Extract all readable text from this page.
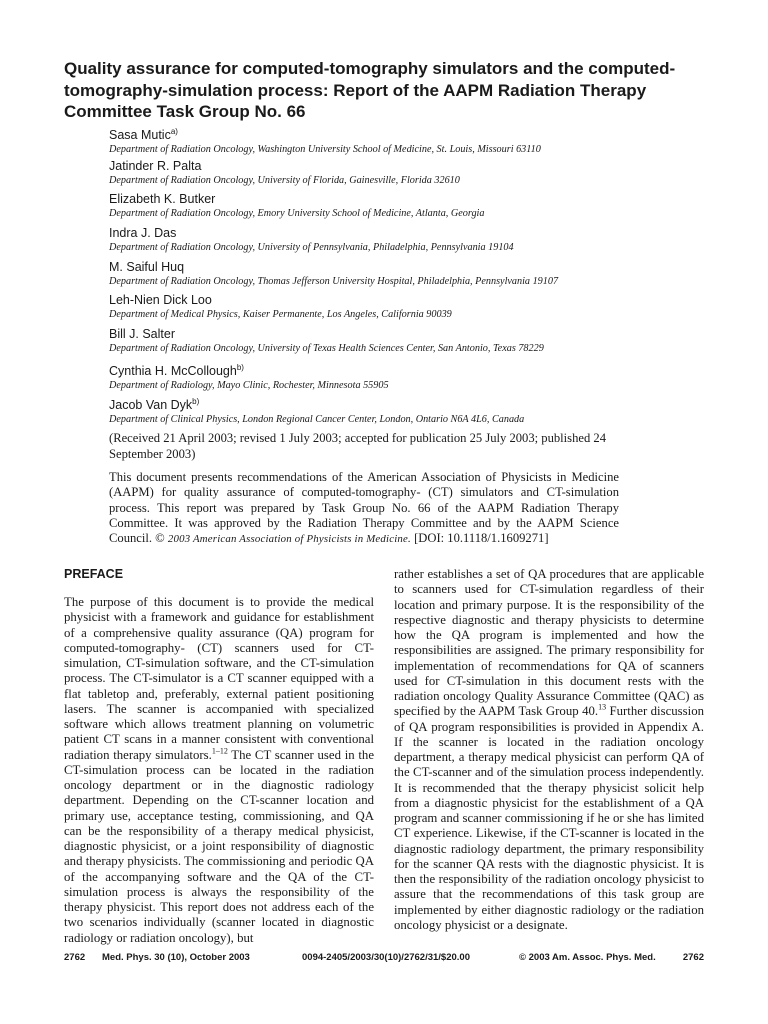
Quality assurance for computed-tomography simulators and the computed-tomography-simulation process: Report of the AAPM Radiation Therapy Committee Task Group No. 66
Sasa Mutic$^{a)}$
Department of Radiation Oncology, Washington University School of Medicine, St. Louis, Missouri 63110
Jatinder R. Palta
Department of Radiation Oncology, University of Florida, Gainesville, Florida 32610
Elizabeth K. Butker
Department of Radiation Oncology, Emory University School of Medicine, Atlanta, Georgia
Indra J. Das
Department of Radiation Oncology, University of Pennsylvania, Philadelphia, Pennsylvania 19104
M. Saiful Huq
Department of Radiation Oncology, Thomas Jefferson University Hospital, Philadelphia, Pennsylvania 19107
Leh-Nien Dick Loo
Department of Medical Physics, Kaiser Permanente, Los Angeles, California 90039
Bill J. Salter
Department of Radiation Oncology, University of Texas Health Sciences Center, San Antonio, Texas 78229
Cynthia H. McCollough$^{b)}$
Department of Radiology, Mayo Clinic, Rochester, Minnesota 55905
Jacob Van Dyk$^{b)}$
Department of Clinical Physics, London Regional Cancer Center, London, Ontario N6A 4L6, Canada
(Received 21 April 2003; revised 1 July 2003; accepted for publication 25 July 2003; published 24 September 2003)
This document presents recommendations of the American Association of Physicists in Medicine (AAPM) for quality assurance of computed-tomography- (CT) simulators and CT-simulation process. This report was prepared by Task Group No. 66 of the AAPM Radiation Therapy Committee. It was approved by the Radiation Therapy Committee and by the AAPM Science Council. © 2003 American Association of Physicists in Medicine. [DOI: 10.1118/1.1609271]
PREFACE

The purpose of this document is to provide the medical physicist with a framework and guidance for establishment of a comprehensive quality assurance (QA) program for computed-tomography- (CT) scanners used for CT-simulation, CT-simulation software, and the CT-simulation process. The CT-simulator is a CT scanner equipped with a flat tabletop and, preferably, external patient positioning lasers. The scanner is accompanied with specialized software which allows treatment planning on volumetric patient CT scans in a manner consistent with conventional radiation therapy simulators.$^{1-12}$ The CT scanner used in the CT-simulation process can be located in the radiation oncology department or in the diagnostic radiology department. Depending on the CT-scanner location and primary use, acceptance testing, commissioning, and QA can be the responsibility of a therapy medical physicist, diagnostic physicist, or a joint responsibility of diagnostic and therapy physicists. The commissioning and periodic QA of the accompanying software and the QA of the CT-simulation process is always the responsibility of the therapy physicist. This report does not address each of the two scenarios individually (scanner located in diagnostic radiology or radiation oncology), but

rather establishes a set of QA procedures that are applicable to scanners used for CT-simulation regardless of their location and primary purpose. It is the responsibility of the respective diagnostic and therapy physicists to determine how the QA program is implemented and how the responsibilities are assigned. The primary responsibility for implementation of recommendations for QA of scanners used for CT-simulation in this document rests with the radiation oncology Quality Assurance Committee (QAC) as specified by the AAPM Task Group 40.13 Further discussion of QA program responsibilities is provided in Appendix A. If the scanner is located in the radiation oncology department, a therapy medical physicist can perform QA of the CT-scanner and of the simulation process independently. It is recommended that the therapy physicist solicit help from a diagnostic physicist for the establishment of a QA program and scanner commissioning if he or she has limited CT experience. Likewise, if the CT-scanner is located in the diagnostic radiology department, the primary responsibility for the scanner QA rests with the diagnostic physicist. It is then the responsibility of the radiation oncology physicist to assure that the recommendations of this task group are implemented by either diagnostic radiology or the radiation oncology physicist or a designate.

2762 Med. Phys. 30 (10), October 2003	0094-2405/2003/30(10)/2762/31/$20.00	© 2003 Am. Assoc. Phys. Med.	2762
